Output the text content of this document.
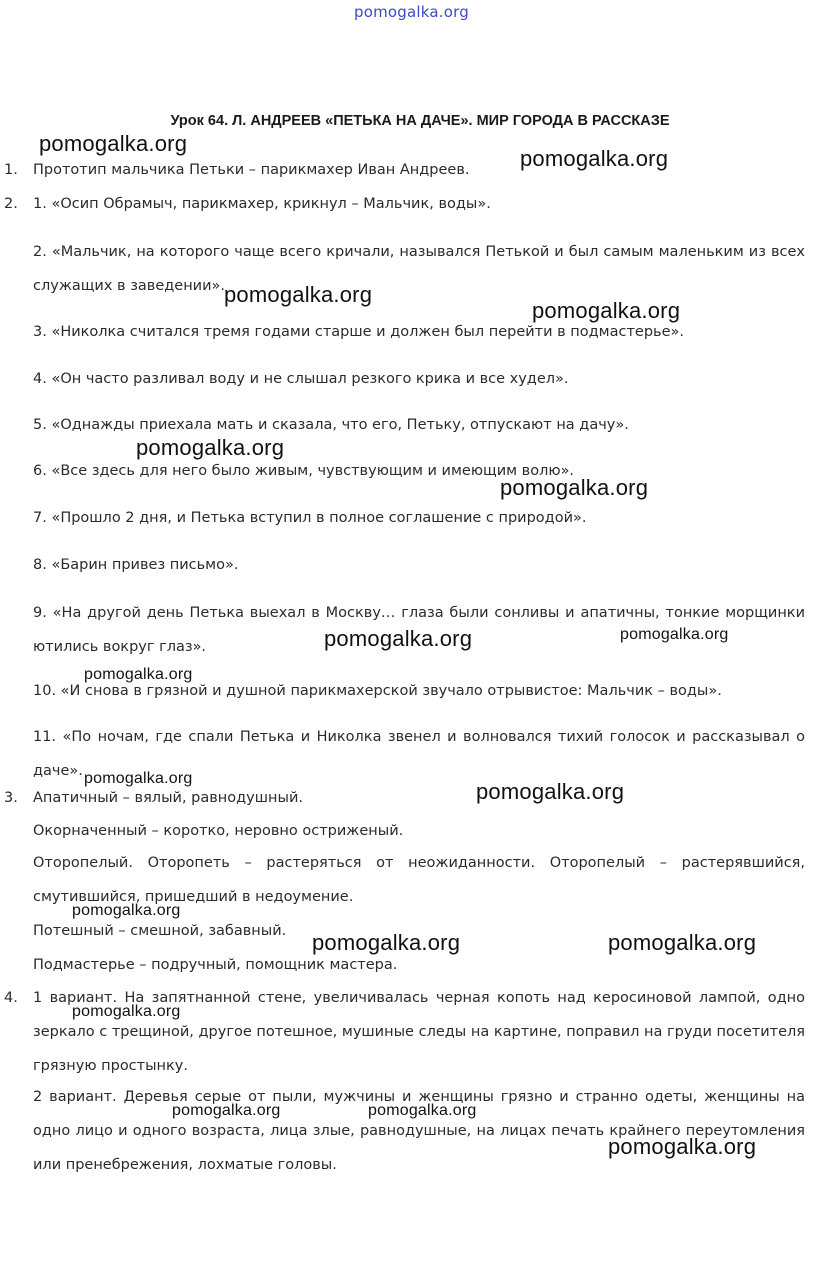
pomogalka.org
Урок 64. Л. АНДРЕЕВ «ПЕТЬКА НА ДАЧЕ». МИР ГОРОДА В РАССКАЗЕ
1.
2.
3.
4.
Прототип мальчика Петьки – парикмахер Иван Андреев.
1. «Осип Обрамыч, парикмахер, крикнул – Мальчик, воды».
2. «Мальчик, на которого чаще всего кричали, назывался Петькой и был самым маленьким из всех служащих в заведении».
3. «Николка считался тремя годами старше и должен был перейти в подмастерье».
4. «Он часто разливал воду и не слышал резкого крика и все худел».
5. «Однажды приехала мать и сказала, что его, Петьку, отпускают на дачу».
6. «Все здесь для него было живым, чувствующим и имеющим волю».
7. «Прошло 2 дня, и Петька вступил в полное соглашение с природой».
8. «Барин привез письмо».
9. «На другой день Петька выехал в Москву… глаза были сонливы и апатичны, тонкие морщинки ютились вокруг глаз».
10. «И снова в грязной и душной парикмахерской звучало отрывистое: Мальчик – воды».
11. «По ночам, где спали Петька и Николка звенел и волновался тихий голосок и рассказывал о даче».
Апатичный – вялый, равнодушный.
Окорначенный – коротко, неровно остриженый.
Оторопелый. Оторопеть – растеряться от неожиданности. Оторопелый – растерявшийся, смутившийся, пришедший в недоумение.
Потешный – смешной, забавный.
Подмастерье – подручный, помощник мастера.
1 вариант. На запятнанной стене, увеличивалась черная копоть над керосиновой лампой, одно зеркало с трещиной, другое потешное, мушиные следы на картине, поправил на груди посетителя грязную простынку.
2 вариант. Деревья серые от пыли, мужчины и женщины грязно и странно одеты, женщины на одно лицо и одного возраста, лица злые, равнодушные, на лицах печать крайнего переутомления или пренебрежения, лохматые головы.
pomogalka.org
pomogalka.org
pomogalka.org
pomogalka.org
pomogalka.org
pomogalka.org
pomogalka.org	pomogalka.org
pomogalka.org
pomogalka.org
pomogalka.org
pomogalka.org
pomogalka.org	pomogalka.org
pomogalka.org
pomogalka.org	pomogalka.org
pomogalka.org
